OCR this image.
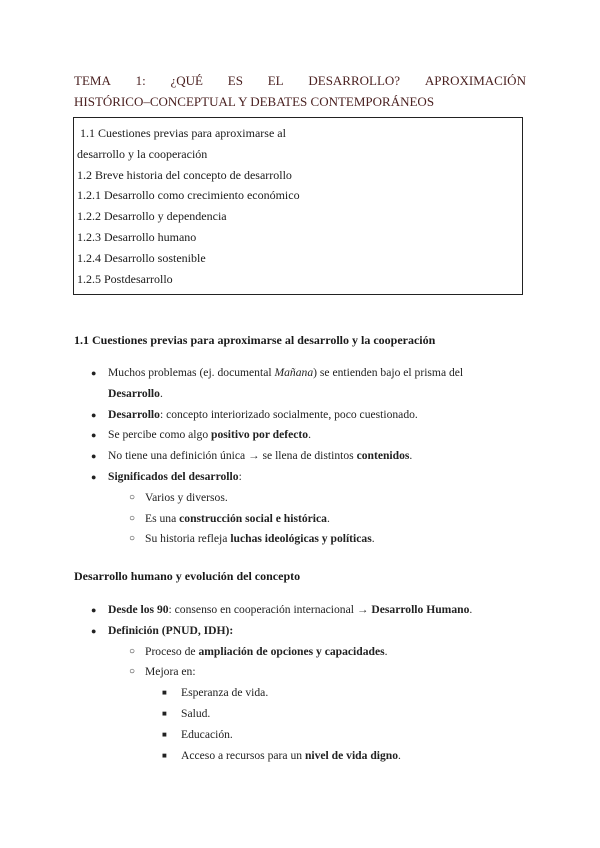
TEMA 1: ¿QUÉ ES EL DESARROLLO? APROXIMACIÓN
HISTÓRICO–CONCEPTUAL Y DEBATES CONTEMPORÁNEOS
1.1 Cuestiones previas para aproximarse al
desarrollo y la cooperación
1.2 Breve historia del concepto de desarrollo
1.2.1 Desarrollo como crecimiento económico
1.2.2 Desarrollo y dependencia
1.2.3 Desarrollo humano
1.2.4 Desarrollo sostenible
1.2.5 Postdesarrollo
1.1 Cuestiones previas para aproximarse al desarrollo y la cooperación
● Muchos problemas (ej. documental Mañana) se entienden bajo el prisma del
Desarrollo.
● Desarrollo: concepto interiorizado socialmente, poco cuestionado.
● Se percibe como algo positivo por defecto.
● No tiene una definición única → se llena de distintos contenidos.
● Significados del desarrollo:
○ Varios y diversos.
○ Es una construcción social e histórica.
○ Su historia refleja luchas ideológicas y políticas.
Desarrollo humano y evolución del concepto
● Desde los 90: consenso en cooperación internacional → Desarrollo Humano.
● Definición (PNUD, IDH):
○ Proceso de ampliación de opciones y capacidades.
○ Mejora en:
■ Esperanza de vida.
■ Salud.
■ Educación.
■ Acceso a recursos para un nivel de vida digno.
